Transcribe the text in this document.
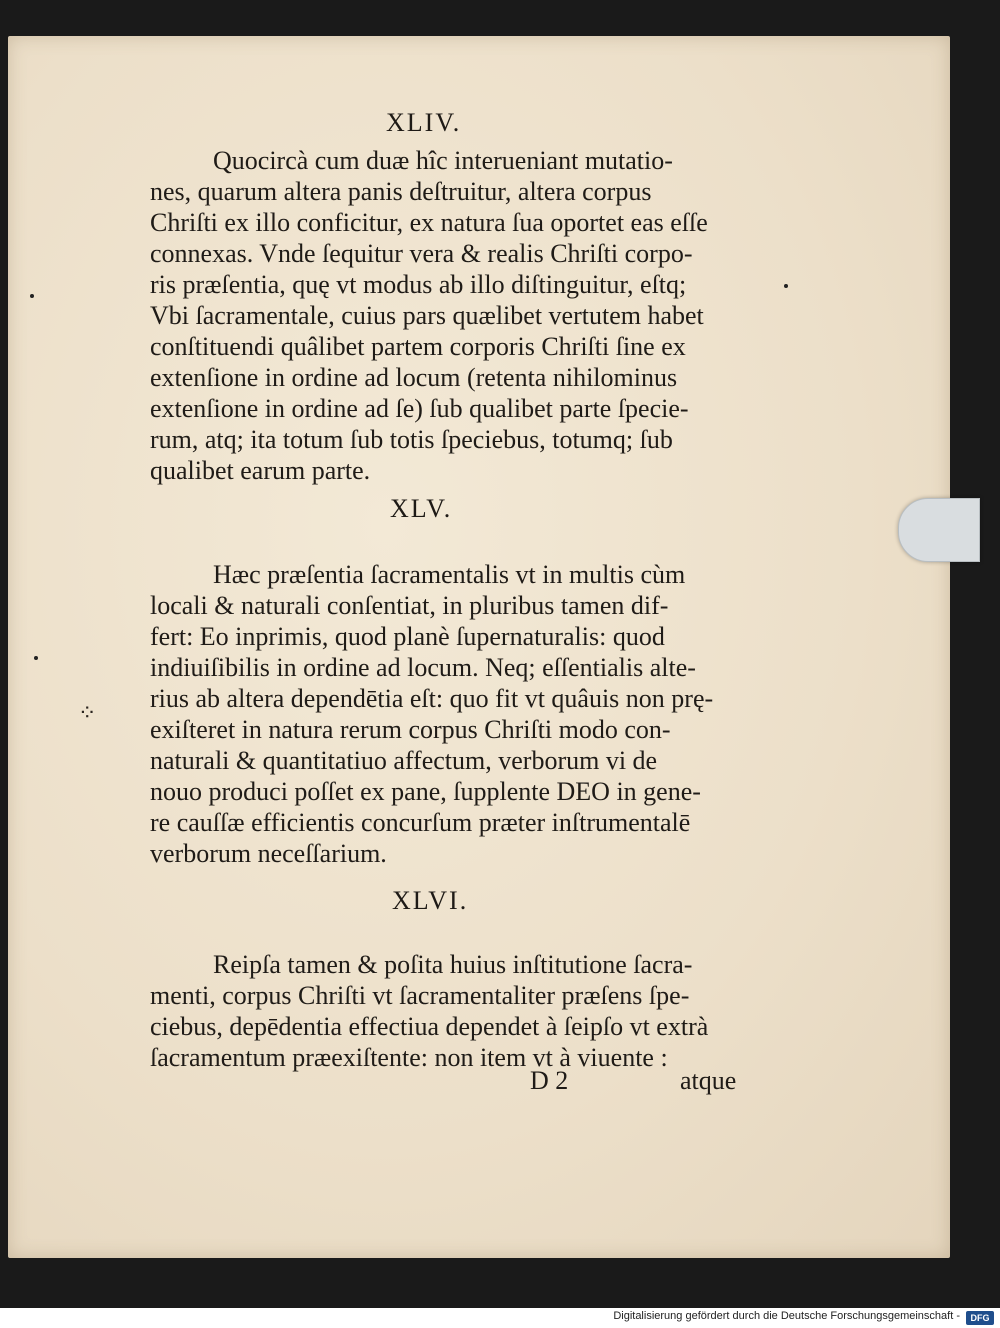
XLIV.
Quocircà cum duæ hîc interueniant mutatio-
nes, quarum altera panis deſtruitur, altera corpus
Chriſti ex illo conficitur, ex natura ſua oportet eas eſſe
connexas. Vnde ſequitur vera & realis Chriſti corpo-
ris præſentia, quę vt modus ab illo diſtinguitur, eſtq;
Vbi ſacramentale, cuius pars quælibet vertutem habet
conſtituendi quâlibet partem corporis Chriſti ſine ex
extenſione in ordine ad locum (retenta nihilominus
extenſione in ordine ad ſe) ſub qualibet parte ſpecie-
rum, atq; ita totum ſub totis ſpeciebus, totumq; ſub
qualibet earum parte.
XLV.
Hæc præſentia ſacramentalis vt in multis cùm
locali & naturali conſentiat, in pluribus tamen dif-
fert: Eo inprimis, quod planè ſupernaturalis: quod
indiuiſibilis in ordine ad locum. Neq; eſſentialis alte-
rius ab altera dependētia eſt: quo fit vt quâuis non prę-
exiſteret in natura rerum corpus Chriſti modo con-
naturali & quantitatiuo affectum, verborum vi de
nouo produci poſſet ex pane, ſupplente DEO in gene-
re cauſſæ efficientis concurſum præter inſtrumentalē
verborum neceſſarium.
XLVI.
Reipſa tamen & poſita huius inſtitutione ſacra-
menti, corpus Chriſti vt ſacramentaliter præſens ſpe-
ciebus, depēdentia effectiua dependet à ſeipſo vt extrà
ſacramentum præexiſtente: non item vt à viuente :
D 2	atque
⁘
Digitalisierung gefördert durch die Deutsche Forschungsgemeinschaft -	DFG
